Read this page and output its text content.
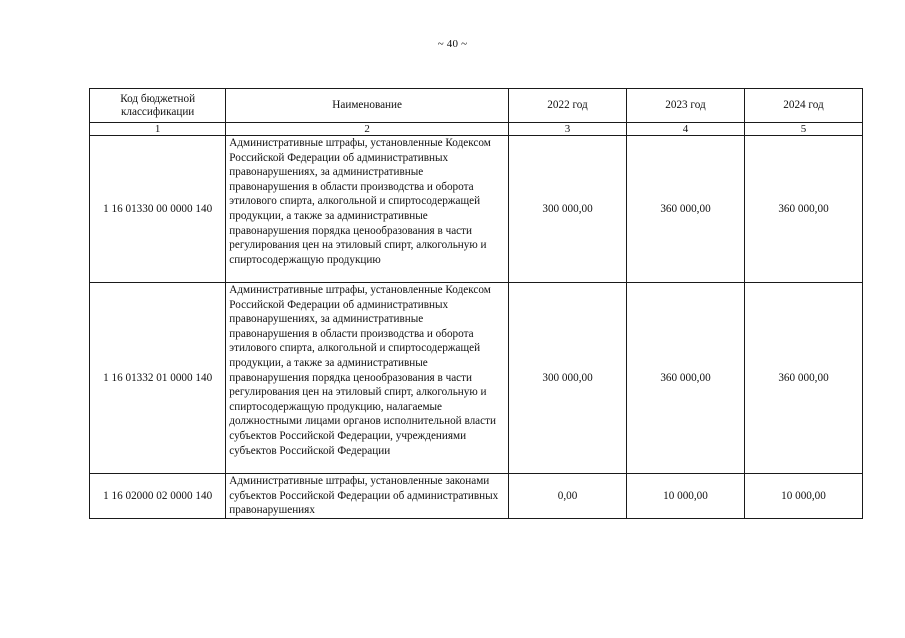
~ 40 ~
Код бюджетной классификации	Наименование	2022 год	2023 год	2024 год
1	2	3	4	5
1 16 01330 00 0000 140	Административные штрафы, установленные Кодексом Российской Федерации об административных правонарушениях, за административные правонарушения в области производства и оборота этилового спирта, алкогольной и спиртосодержащей продукции, а также за административные правонарушения порядка ценообразования в части регулирования цен на этиловый спирт, алкогольную и спиртосодержащую продукцию	300 000,00	360 000,00	360 000,00
1 16 01332 01 0000 140	Административные штрафы, установленные Кодексом Российской Федерации об административных правонарушениях, за административные правонарушения в области производства и оборота этилового спирта, алкогольной и спиртосодержащей продукции, а также за административные правонарушения порядка ценообразования в части регулирования цен на этиловый спирт, алкогольную и спиртосодержащую продукцию, налагаемые должностными лицами органов исполнительной власти субъектов Российской Федерации, учреждениями субъектов Российской Федерации	300 000,00	360 000,00	360 000,00
1 16 02000 02 0000 140	Административные штрафы, установленные законами субъектов Российской Федерации об административных правонарушениях	0,00	10 000,00	10 000,00
